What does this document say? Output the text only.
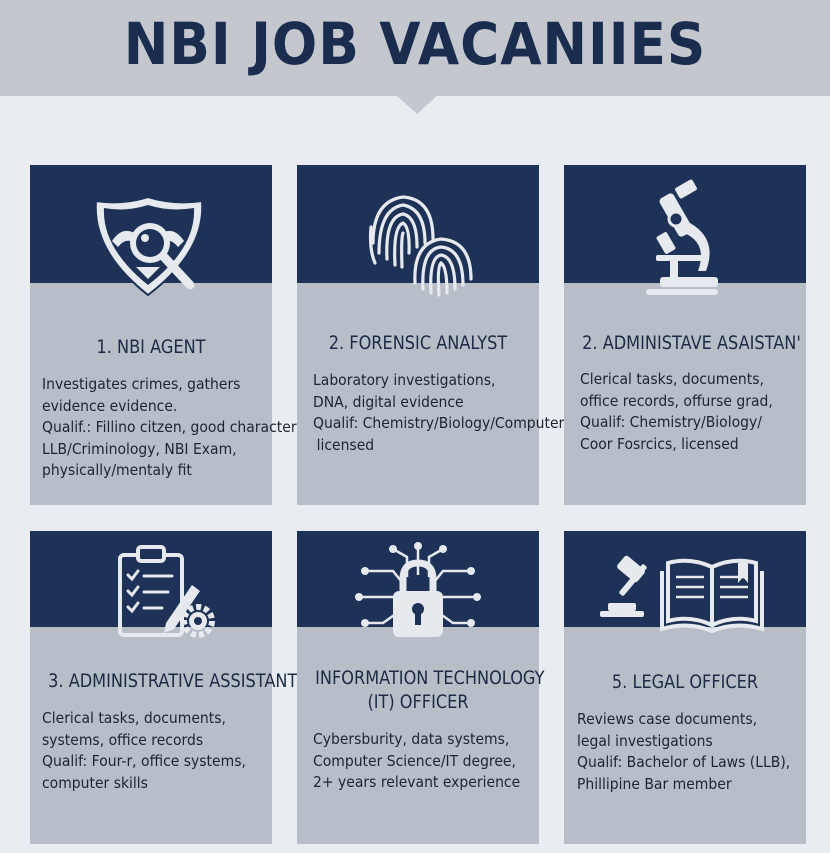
NBI JOB VACANIIES
1. NBI AGENT
Investigates crimes, gathers
evidence evidence.
Qualif.: Fillino citzen, good character
LLB/Criminology, NBI Exam,
physically/mentaly fit
2. FORENSIC ANALYST
Laboratory investigations,
DNA, digital evidence
Qualif: Chemistry/Biology/Computer
licensed
2. ADMINISTAVE ASAISTAN'
Clerical tasks, documents,
office records, offurse grad,
Qualif: Chemistry/Biology/
Coor Fosrcics, licensed
3. ADMINISTRATIVE ASSISTANT
Clerical tasks, documents,
systems, office records
Qualif: Four-r, office systems,
computer skills
INFORMATION TECHNOLOGY
(IT) OFFICER
Cybersburity, data systems,
Computer Science/IT degree,
2+ years relevant experience
5. LEGAL OFFICER
Reviews case documents,
legal investigations
Qualif: Bachelor of Laws (LLB),
Phillipine Bar member
